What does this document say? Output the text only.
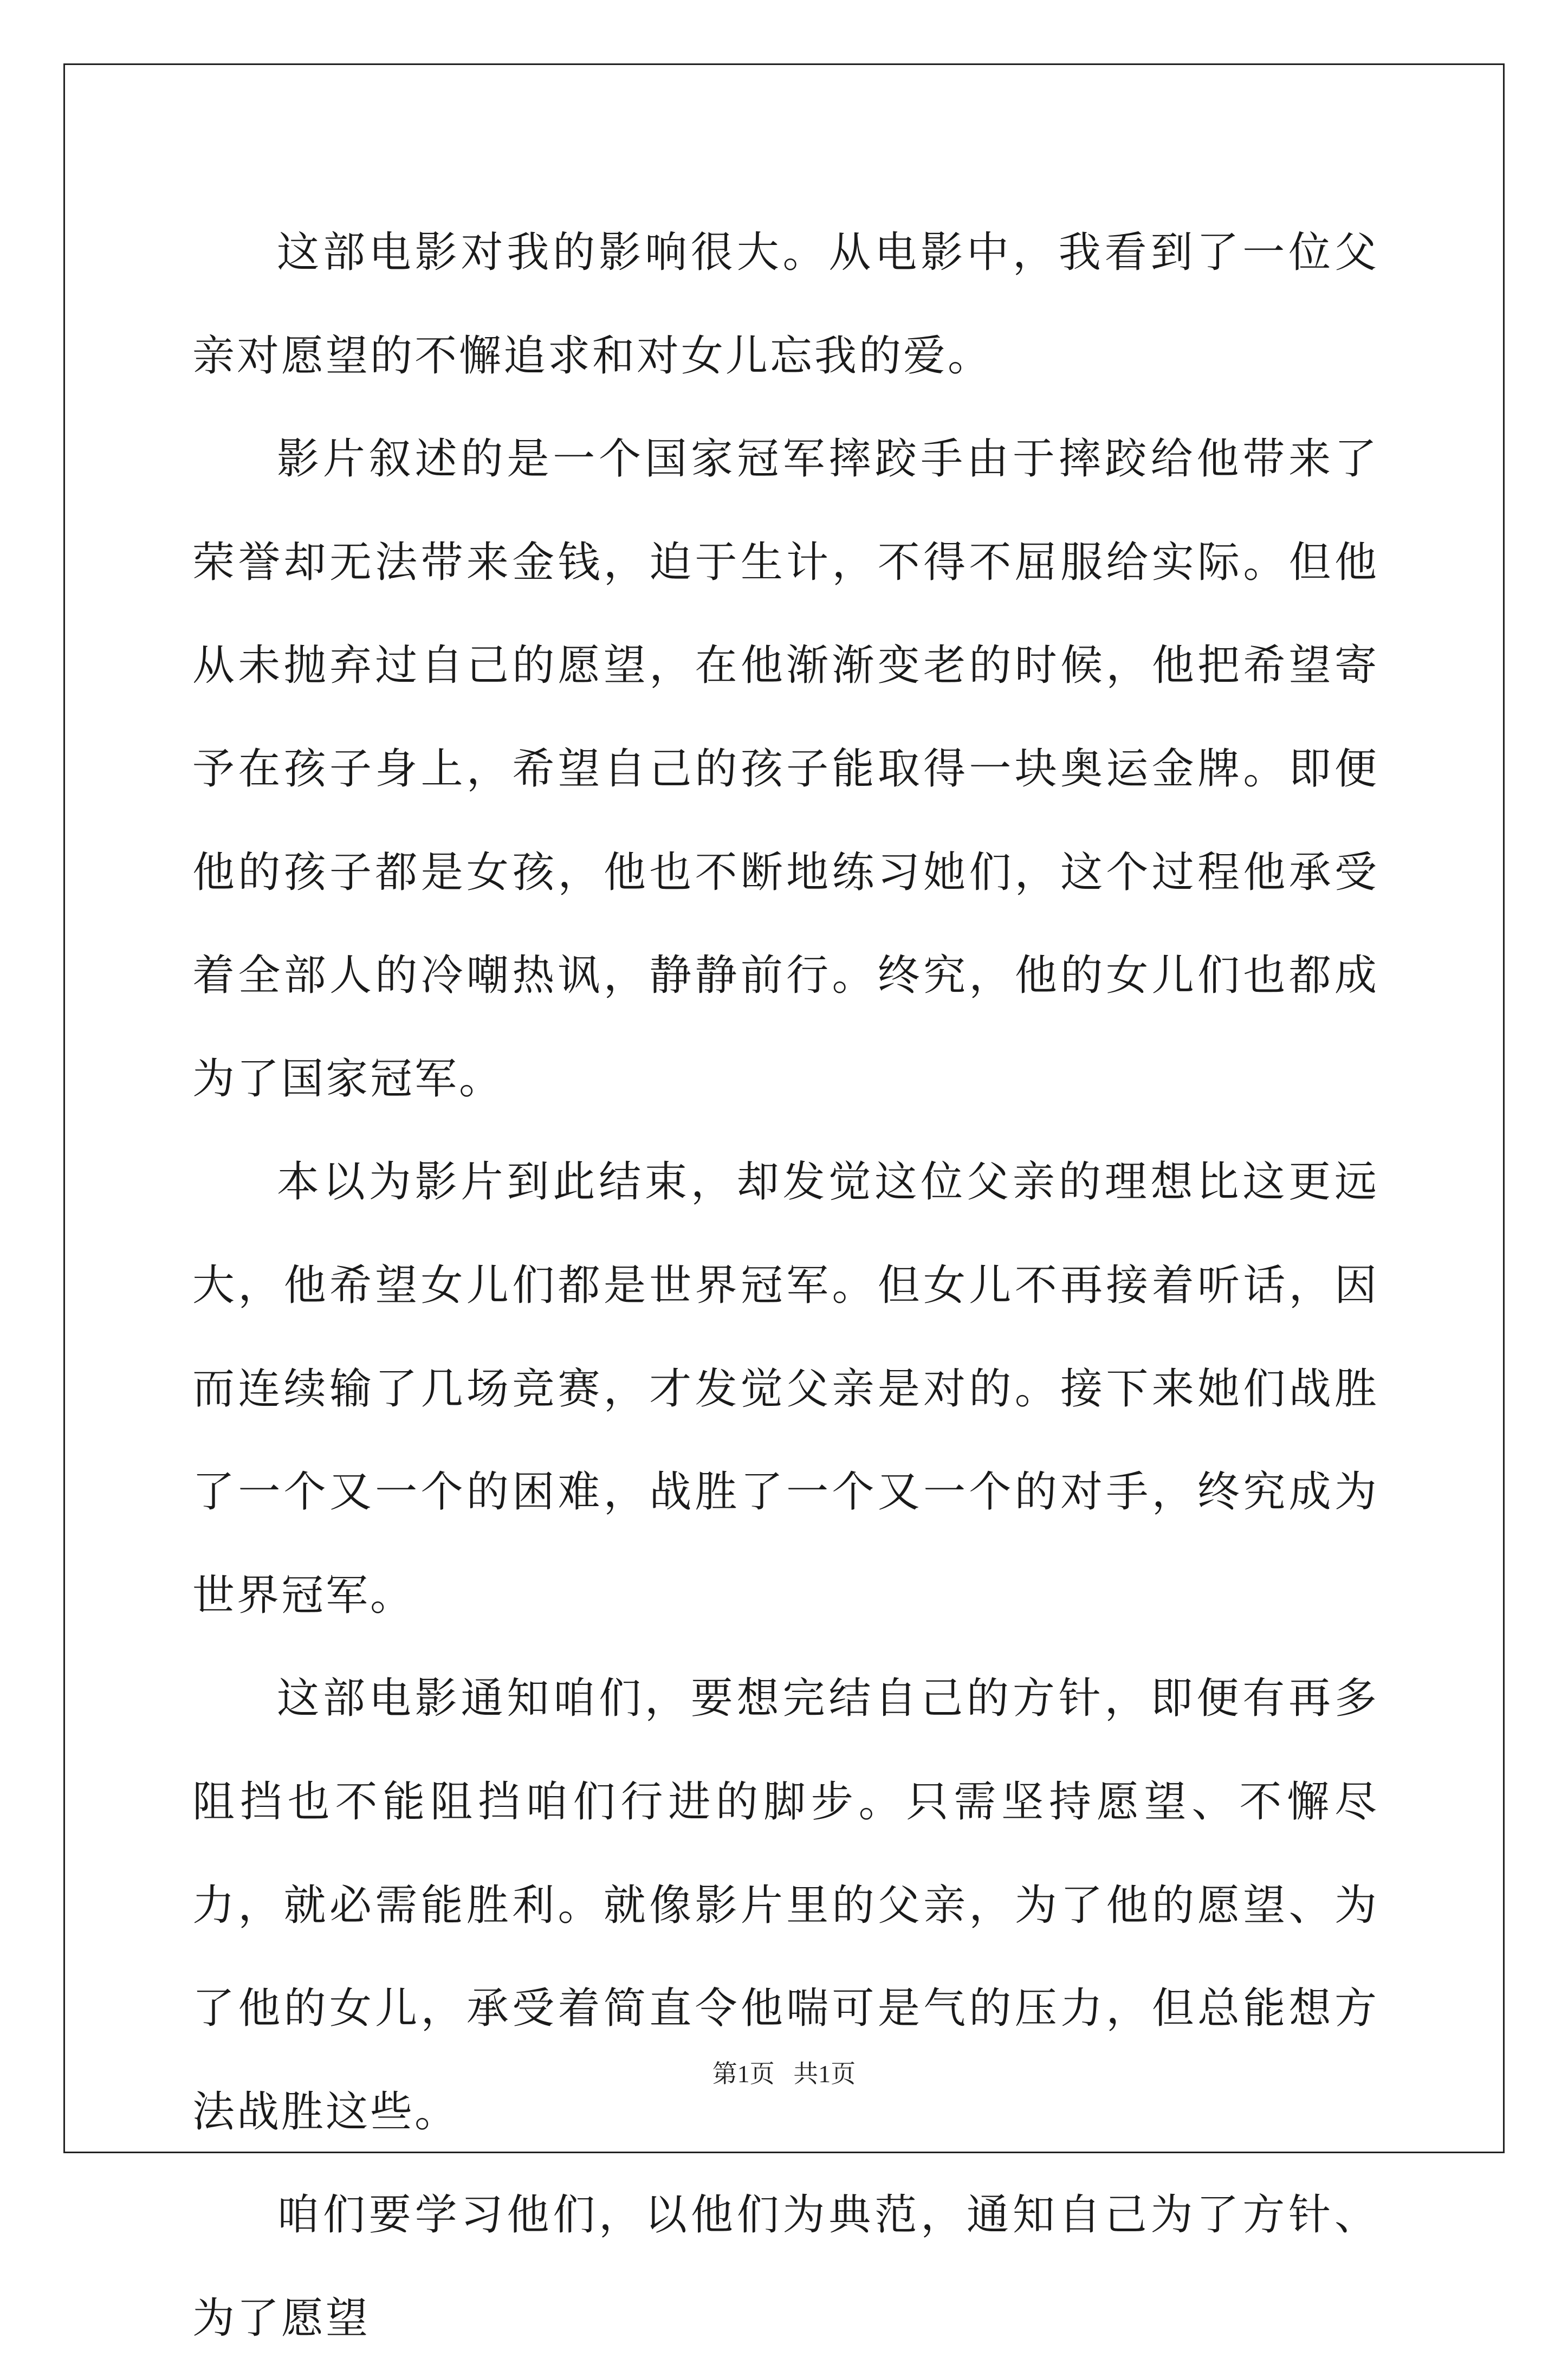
这部电影对我的影响很大。从电影中，我看到了一位父亲对愿望的不懈追求和对女儿忘我的爱。

影片叙述的是一个国家冠军摔跤手由于摔跤给他带来了荣誉却无法带来金钱，迫于生计，不得不屈服给实际。但他从未抛弃过自己的愿望，在他渐渐变老的时候，他把希望寄予在孩子身上，希望自己的孩子能取得一块奥运金牌。即便他的孩子都是女孩，他也不断地练习她们，这个过程他承受着全部人的冷嘲热讽，静静前行。终究，他的女儿们也都成为了国家冠军。

本以为影片到此结束，却发觉这位父亲的理想比这更远大，他希望女儿们都是世界冠军。但女儿不再接着听话，因而连续输了几场竞赛，才发觉父亲是对的。接下来她们战胜了一个又一个的困难，战胜了一个又一个的对手，终究成为世界冠军。

这部电影通知咱们，要想完结自己的方针，即便有再多阻挡也不能阻挡咱们行进的脚步。只需坚持愿望、不懈尽力，就必需能胜利。就像影片里的父亲，为了他的愿望、为了他的女儿，承受着简直令他喘可是气的压力，但总能想方法战胜这些。

咱们要学习他们，以他们为典范，通知自己为了方针、为了愿望

第1页 共1页
